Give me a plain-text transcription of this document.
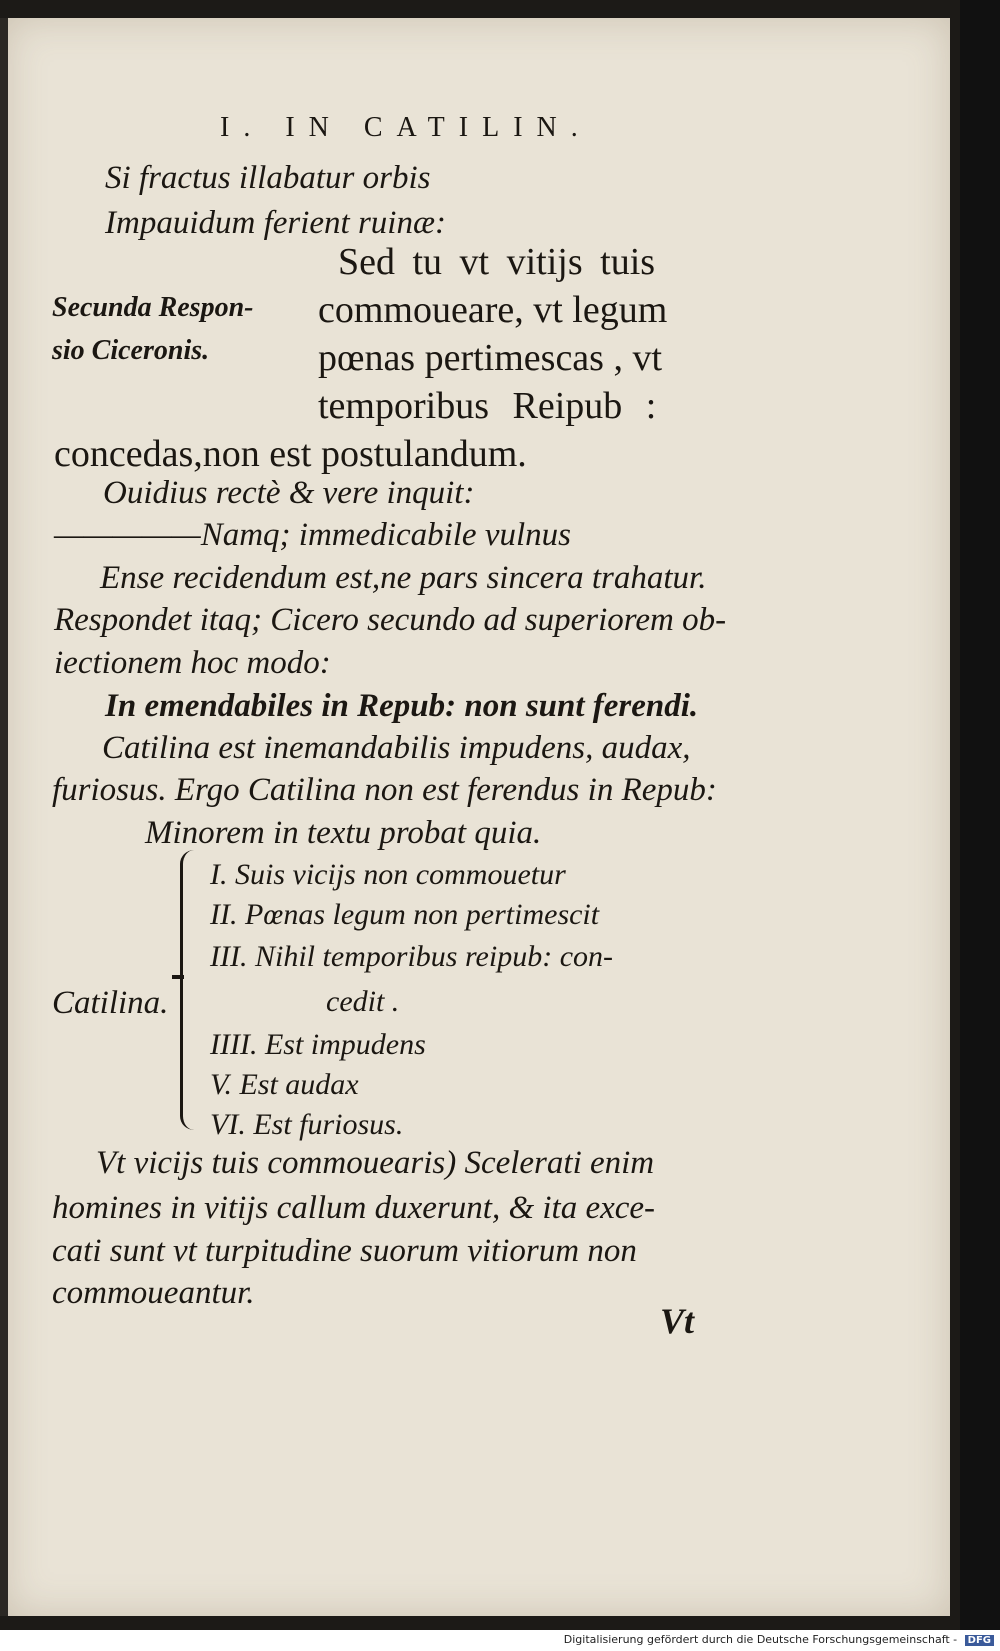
I. IN CATILIN.
Si fractus illabatur orbis
Impauidum ferient ruinæ:
Sed tu vt vitijs tuis
commoueare, vt legum
pœnas pertimescas , vt
temporibus Reipub :
concedas,non est postulandum.
Secunda Respon-
sio Ciceronis.
Ouidius rectè & vere inquit:
—————Namq; immedicabile vulnus
Ense recidendum est,ne pars sincera trahatur.
Respondet itaq; Cicero secundo ad superiorem ob-
iectionem hoc modo:
In emendabiles in Repub: non sunt ferendi.
Catilina est inemandabilis impudens, audax,
furiosus. Ergo Catilina non est ferendus in Repub:
Minorem in textu probat quia.
Catilina.
I. Suis vicijs non commouetur
II. Pœnas legum non pertimescit
III. Nihil temporibus reipub: con-
cedit .
IIII. Est impudens
V. Est audax
VI. Est furiosus.
Vt vicijs tuis commouearis) Scelerati enim
homines in vitijs callum duxerunt, & ita exce-
cati sunt vt turpitudine suorum vitiorum non
commoueantur.
Vt
Digitalisierung gefördert durch die Deutsche Forschungsgemeinschaft - DFG
